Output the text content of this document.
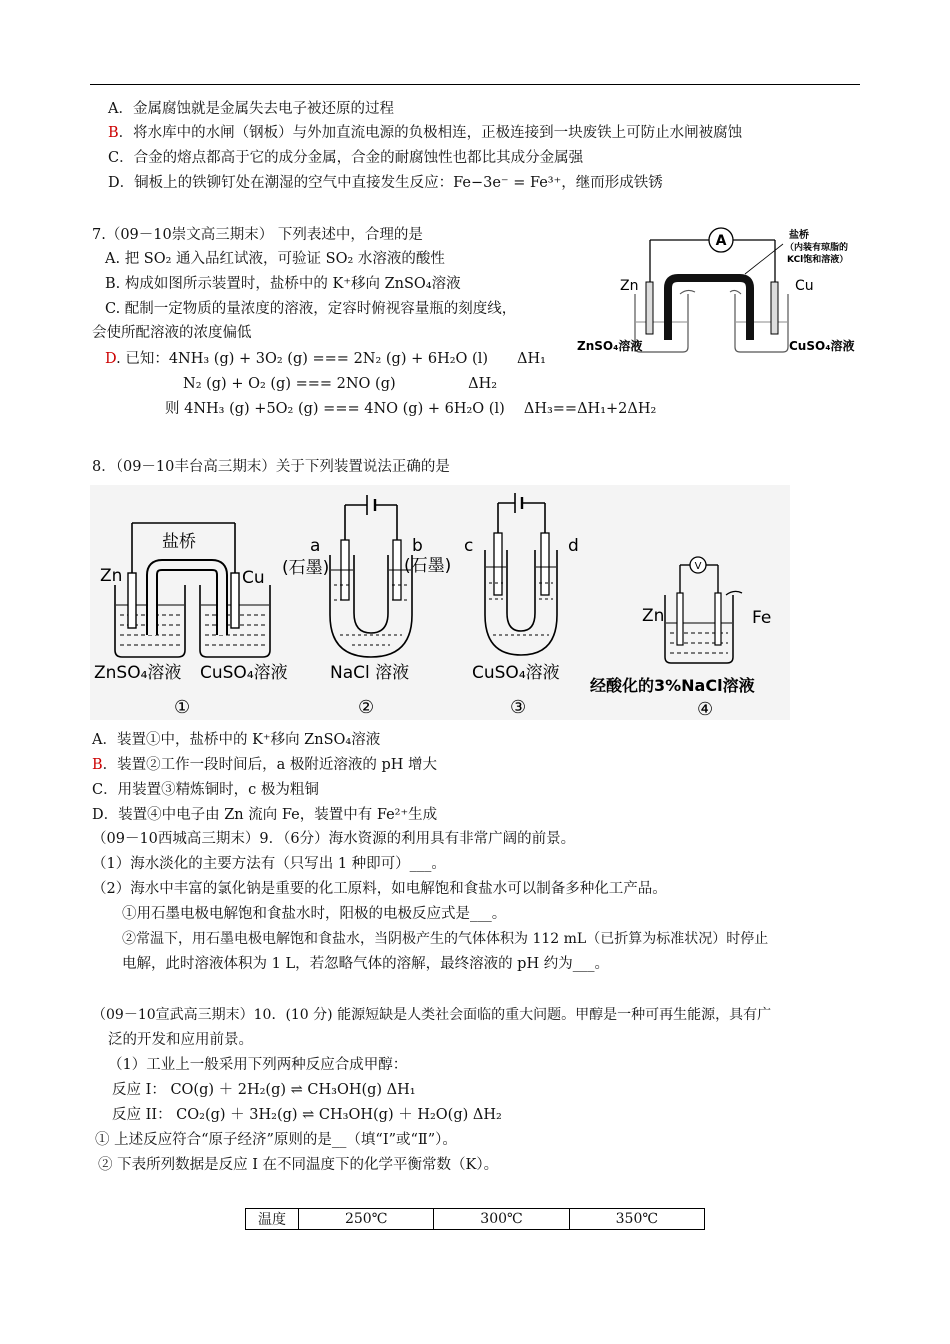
A．金属腐蚀就是金属失去电子被还原的过程
B．将水库中的水闸（钢板）与外加直流电源的负极相连，正极连接到一块废铁上可防止水闸被腐蚀
C．合金的熔点都高于它的成分金属，合金的耐腐蚀性也都比其成分金属强
D．铜板上的铁铆钉处在潮湿的空气中直接发生反应：Fe−3e⁻ = Fe³⁺，继而形成铁锈
7.（09－10崇文高三期末） 下列表述中，合理的是
A. 把 SO₂ 通入品红试液，可验证 SO₂ 水溶液的酸性
B. 构成如图所示装置时，盐桥中的 K⁺移向 ZnSO₄溶液
C. 配制一定物质的量浓度的溶液，定容时俯视容量瓶的刻度线，
会使所配溶液的浓度偏低
D. 已知：4NH₃ (g) + 3O₂ (g) === 2N₂ (g) + 6H₂O (l)　　ΔH₁
N₂ (g) + O₂ (g) === 2NO (g)　　　　　ΔH₂
则 4NH₃ (g) +5O₂ (g) === 4NO (g) + 6H₂O (l)　 ΔH₃==ΔH₁+2ΔH₂
A	盐桥
（内装有琼脂的
KCl饱和溶液）
Zn	Cu
ZnSO₄溶液	CuSO₄溶液
8．（09－10丰台高三期末）关于下列装置说法正确的是
盐桥
Zn	Cu
ZnSO₄溶液 CuSO₄溶液
①
a
(石墨)
b
(石墨)
NaCl 溶液
②
c	d
CuSO₄溶液
③
V
Zn	Fe
经酸化的3%NaCl溶液
④
A．装置①中，盐桥中的 K⁺移向 ZnSO₄溶液
B．装置②工作一段时间后，a 极附近溶液的 pH 增大
C．用装置③精炼铜时，c 极为粗铜
D．装置④中电子由 Zn 流向 Fe，装置中有 Fe²⁺生成
（09－10西城高三期末）9．（6分）海水资源的利用具有非常广阔的前景。
（1）海水淡化的主要方法有（只写出 1 种即可）___。
（2）海水中丰富的氯化钠是重要的化工原料，如电解饱和食盐水可以制备多种化工产品。
①用石墨电极电解饱和食盐水时，阳极的电极反应式是___。
②常温下，用石墨电极电解饱和食盐水，当阴极产生的气体体积为 112 mL（已折算为标准状况）时停止
电解，此时溶液体积为 1 L，若忽略气体的溶解，最终溶液的 pH 约为___。
（09－10宣武高三期末）10．(10 分) 能源短缺是人类社会面临的重大问题。甲醇是一种可再生能源，具有广
泛的开发和应用前景。
（1）工业上一般采用下列两种反应合成甲醇：
反应 I： CO(g) ＋ 2H₂(g) ⇌ CH₃OH(g) ΔH₁
反应 II： CO₂(g) ＋ 3H₂(g) ⇌ CH₃OH(g) ＋ H₂O(g) ΔH₂
① 上述反应符合“原子经济”原则的是__（填“I”或“Ⅱ”）。
② 下表所列数据是反应 I 在不同温度下的化学平衡常数（K）。
温度	250℃	300℃	350℃
